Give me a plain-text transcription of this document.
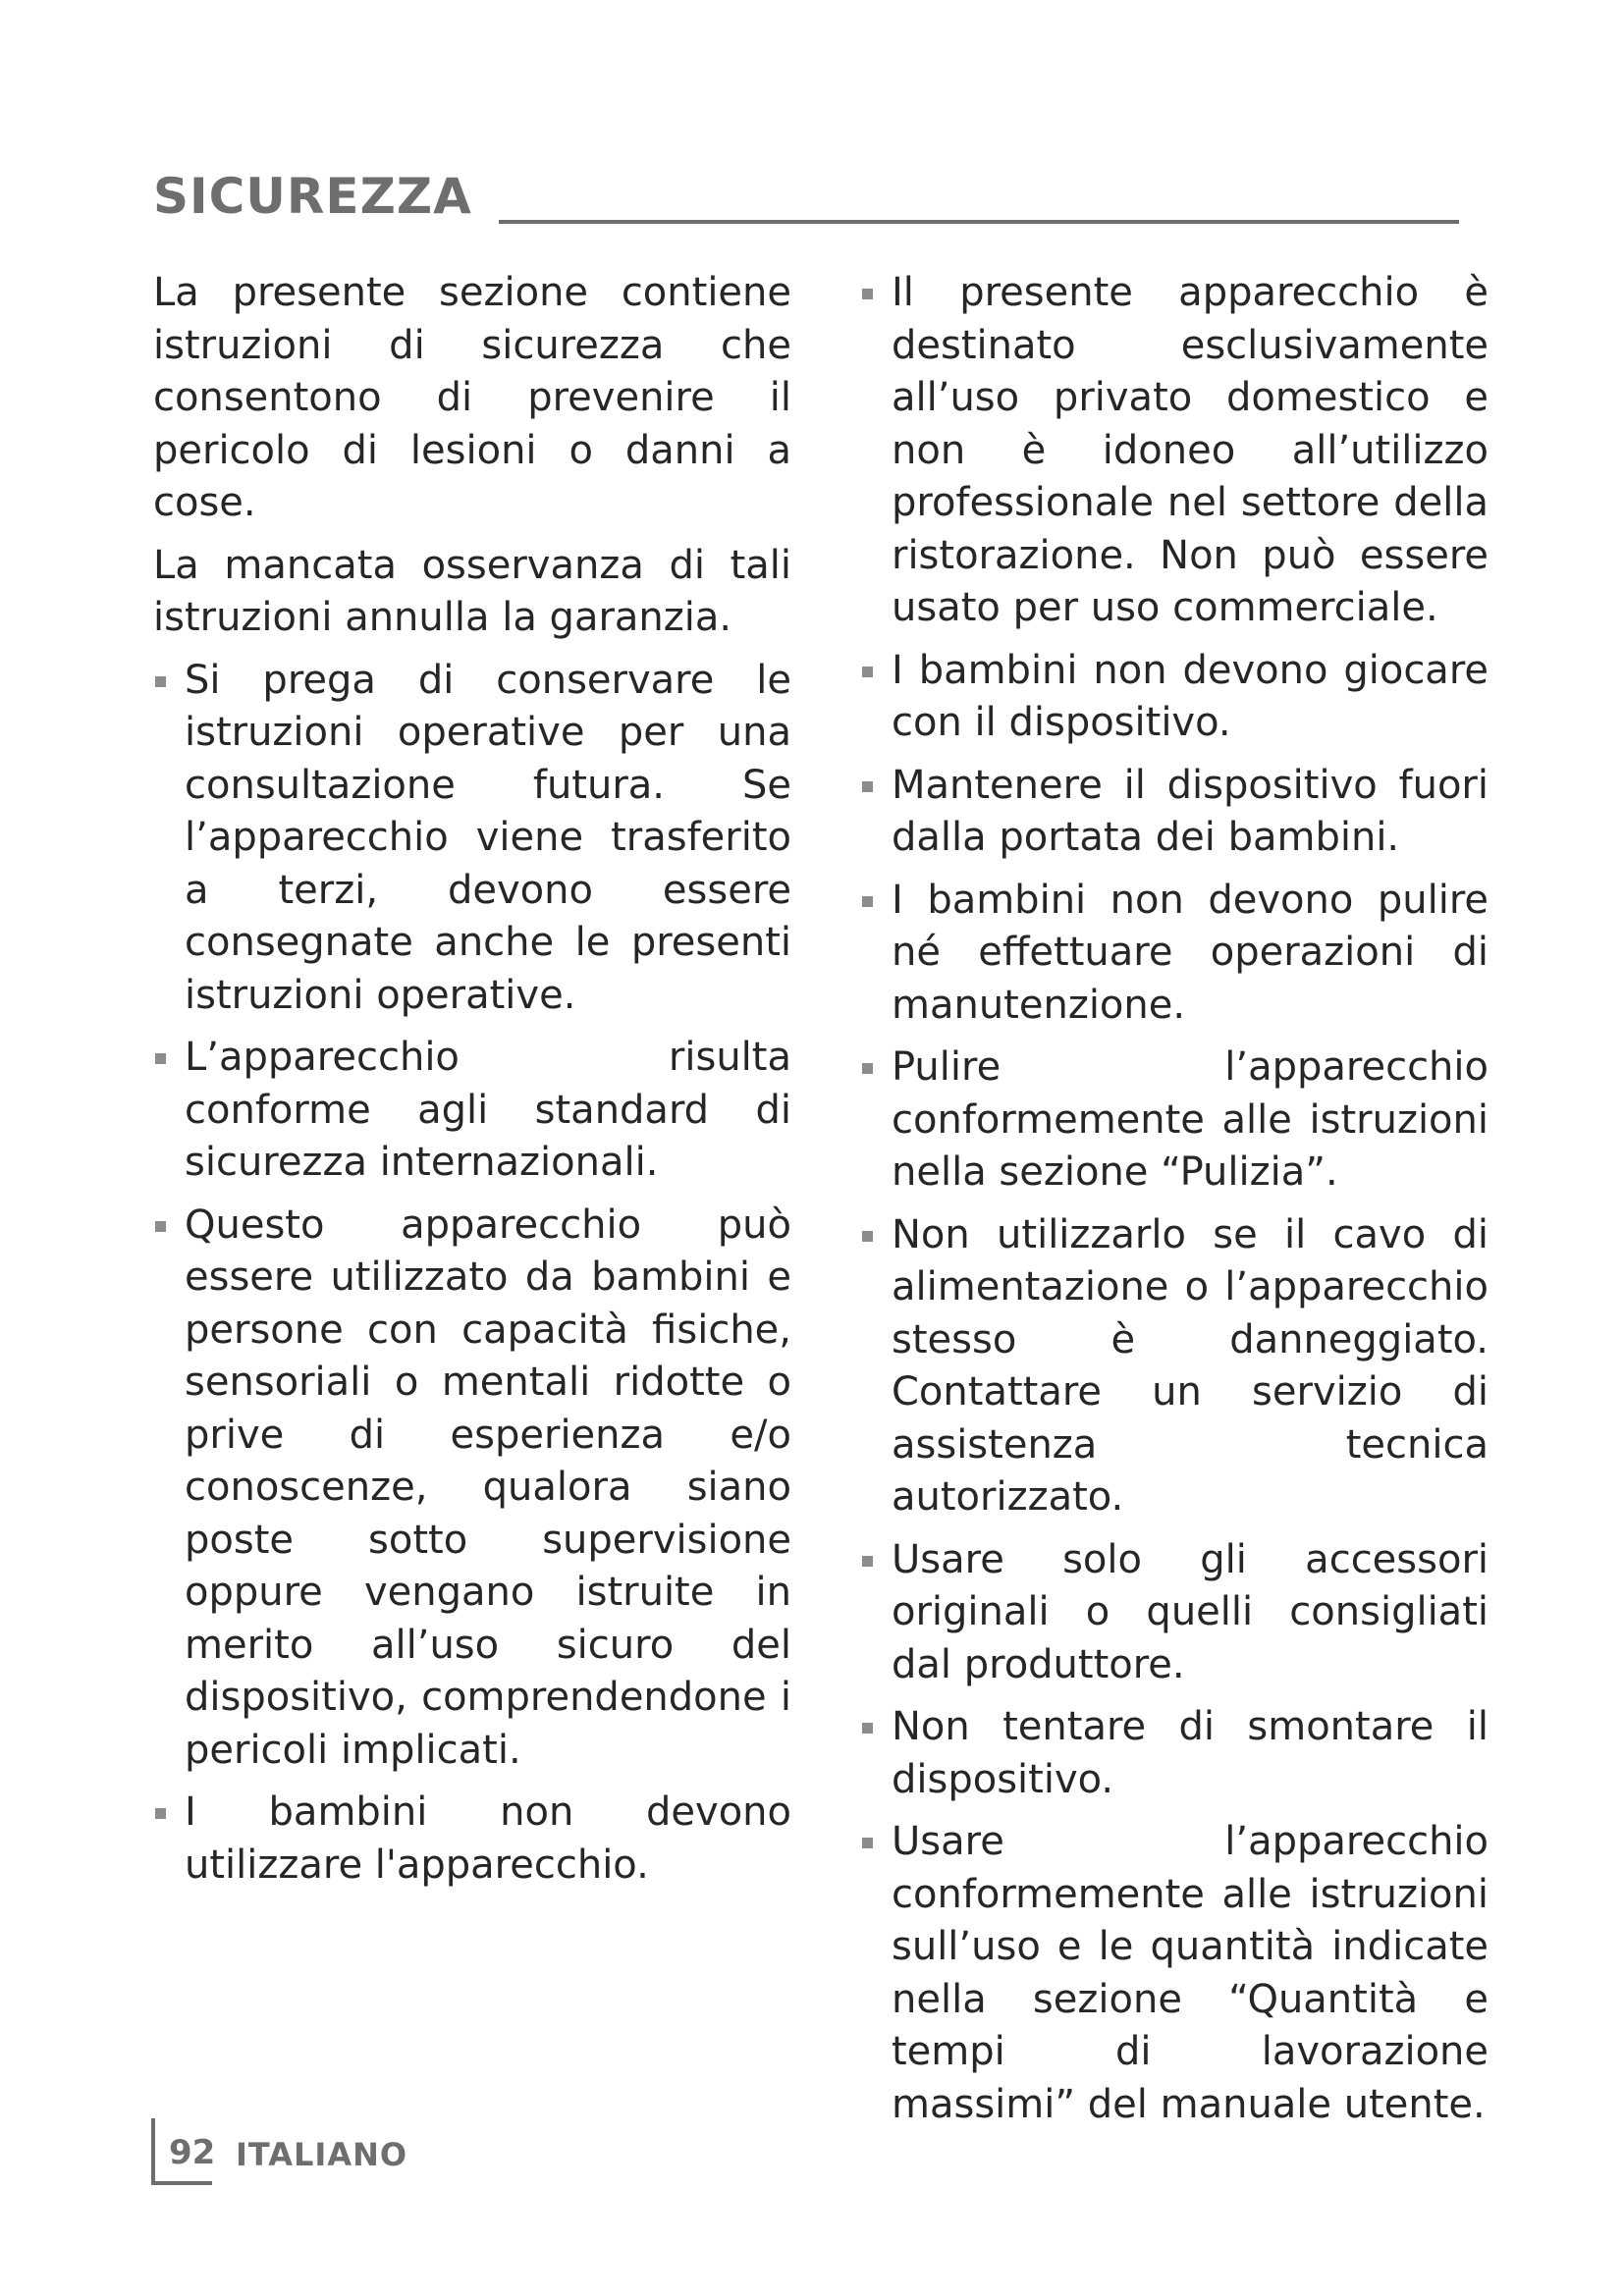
SICUREZZA

La presente sezione contiene istruzioni di sicurezza che consentono di prevenire il pericolo di lesioni o danni a cose.

La mancata osservanza di tali istruzioni annulla la garanzia.

Si prega di conservare le istruzioni operative per una consultazione futura. Se l’apparecchio viene trasferito a terzi, devono essere consegnate anche le presenti istruzioni operative.
L’apparecchio risulta conforme agli standard di sicurezza internazionali.
Questo apparecchio può essere utilizzato da bambini e persone con capacità fisiche, sensoriali o mentali ridotte o prive di esperienza e/o conoscenze, qualora siano poste sotto supervisione oppure vengano istruite in merito all’uso sicuro del dispositivo, comprendendone i pericoli implicati.
I bambini non devono utilizzare l'apparecchio.
Il presente apparecchio è destinato esclusivamente all’uso privato domestico e non è idoneo all’utilizzo professionale nel settore della ristorazione. Non può essere usato per uso commerciale.
I bambini non devono giocare con il dispositivo.
Mantenere il dispositivo fuori dalla portata dei bambini.
I bambini non devono pulire né effettuare operazioni di manutenzione.
Pulire l’apparecchio conformemente alle istruzioni nella sezione “Pulizia”.
Non utilizzarlo se il cavo di alimentazione o l’apparecchio stesso è danneggiato. Contattare un servizio di assistenza tecnica autorizzato.
Usare solo gli accessori originali o quelli consigliati dal produttore.
Non tentare di smontare il dispositivo.
Usare l’apparecchio conformemente alle istruzioni sull’uso e le quantità indicate nella sezione “Quantità e tempi di lavorazione massimi” del manuale utente.
92 ITALIANO
